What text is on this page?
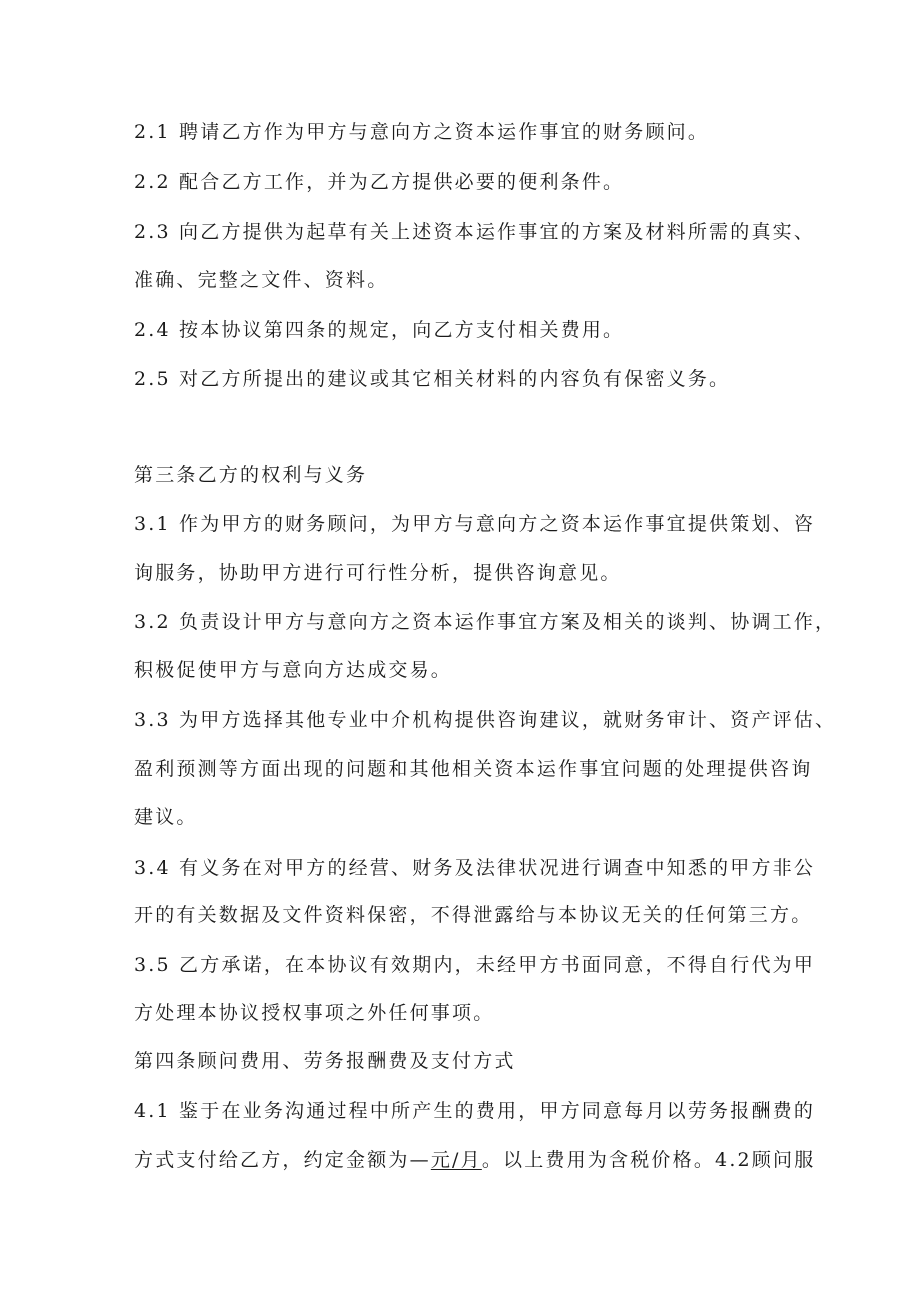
2.1 聘请乙方作为甲方与意向方之资本运作事宜的财务顾问。
2.2 配合乙方工作，并为乙方提供必要的便利条件。
2.3 向乙方提供为起草有关上述资本运作事宜的方案及材料所需的真实、
准确、完整之文件、资料。
2.4 按本协议第四条的规定，向乙方支付相关费用。
2.5 对乙方所提出的建议或其它相关材料的内容负有保密义务。
第三条乙方的权利与义务
3.1 作为甲方的财务顾问，为甲方与意向方之资本运作事宜提供策划、咨
询服务，协助甲方进行可行性分析，提供咨询意见。
3.2 负责设计甲方与意向方之资本运作事宜方案及相关的谈判、协调工作，
积极促使甲方与意向方达成交易。
3.3 为甲方选择其他专业中介机构提供咨询建议，就财务审计、资产评估、
盈利预测等方面出现的问题和其他相关资本运作事宜问题的处理提供咨询
建议。
3.4 有义务在对甲方的经营、财务及法律状况进行调查中知悉的甲方非公
开的有关数据及文件资料保密，不得泄露给与本协议无关的任何第三方。
3.5 乙方承诺，在本协议有效期内，未经甲方书面同意，不得自行代为甲
方处理本协议授权事项之外任何事项。
第四条顾问费用、劳务报酬费及支付方式
4.1 鉴于在业务沟通过程中所产生的费用，甲方同意每月以劳务报酬费的
方式支付给乙方，约定金额为—元/月。以上费用为含税价格。4.2顾问服
